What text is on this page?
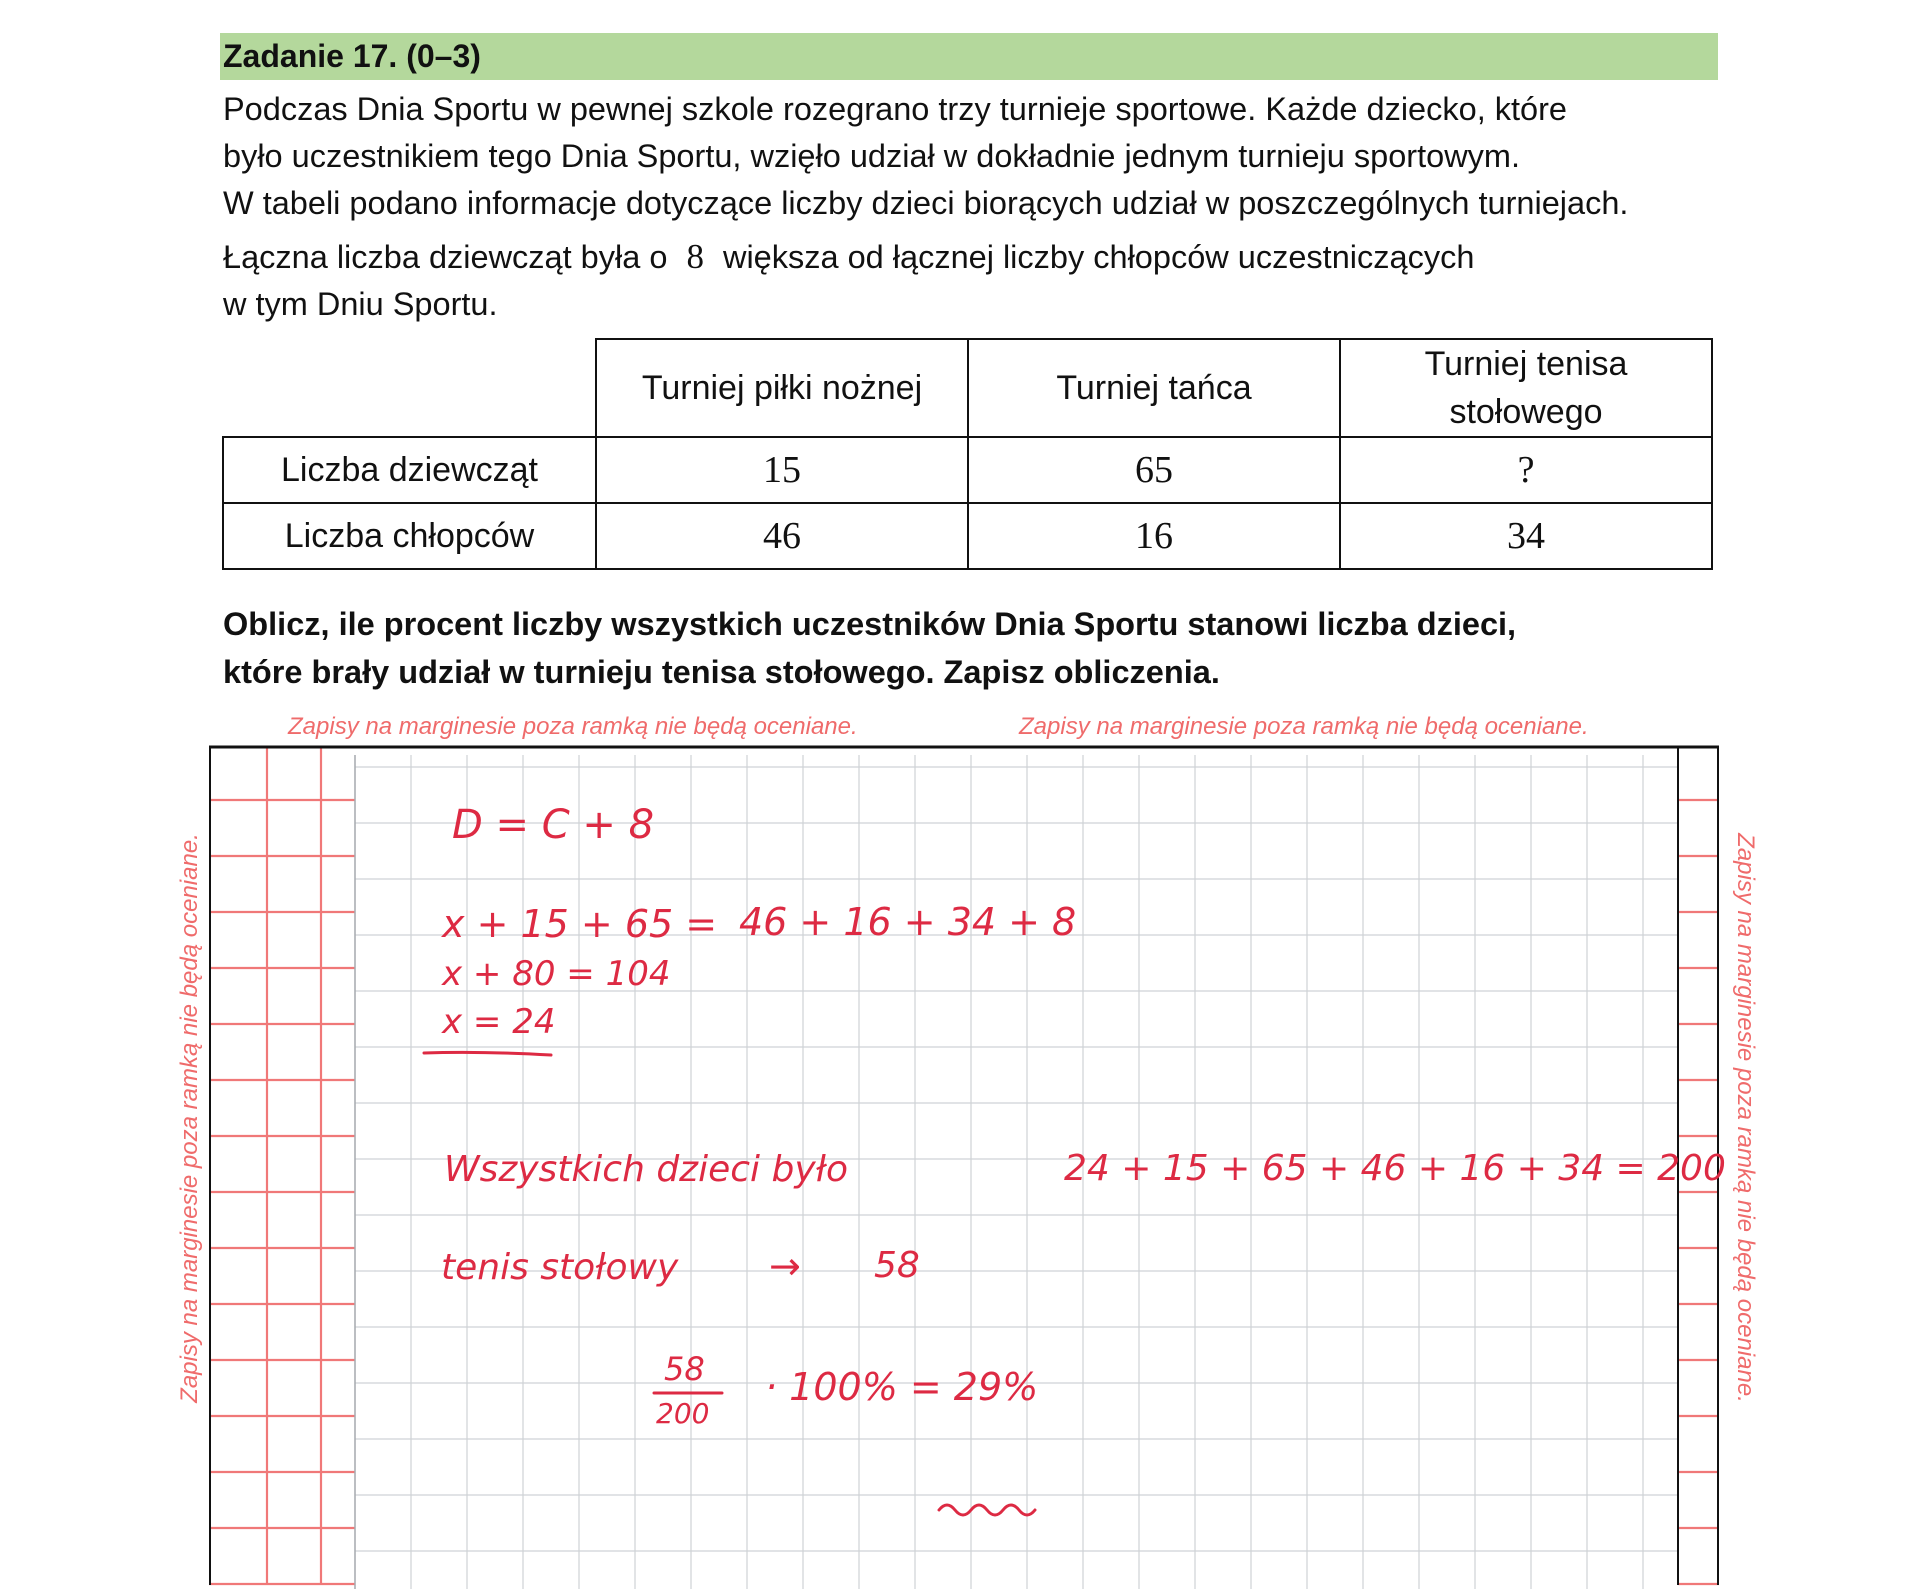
Zadanie 17. (0–3)

Podczas Dnia Sportu w pewnej szkole rozegrano trzy turnieje sportowe. Każde dziecko, które

było uczestnikiem tego Dnia Sportu, wzięło udział w dokładnie jednym turnieju sportowym.

W tabeli podano informacje dotyczące liczby dzieci biorących udział w poszczególnych turniejach.

Łączna liczba dziewcząt była o 8 większa od łącznej liczby chłopców uczestniczących

w tym Dniu Sportu.

	Turniej piłki nożnej	Turniej tańca	Turniej tenisa stołowego
Liczba dziewcząt	15	65	?
Liczba chłopców	46	16	34
Oblicz, ile procent liczby wszystkich uczestników Dnia Sportu stanowi liczba dzieci,
które brały udział w turnieju tenisa stołowego. Zapisz obliczenia.
Zapisy na marginesie poza ramką nie będą oceniane.	Zapisy na marginesie poza ramką nie będą oceniane.
Zapisy na marginesie poza ramką nie będą oceniane.	Zapisy na marginesie poza ramką nie będą oceniane.
D = C + 8
x + 15 + 65 = 46 + 16 + 34 + 8
x + 80 = 104
x = 24
Wszystkich dzieci było	24 + 15 + 65 + 46 + 16 + 34 = 200
tenis stołowy → 58
58
200
· 100% = 29%
